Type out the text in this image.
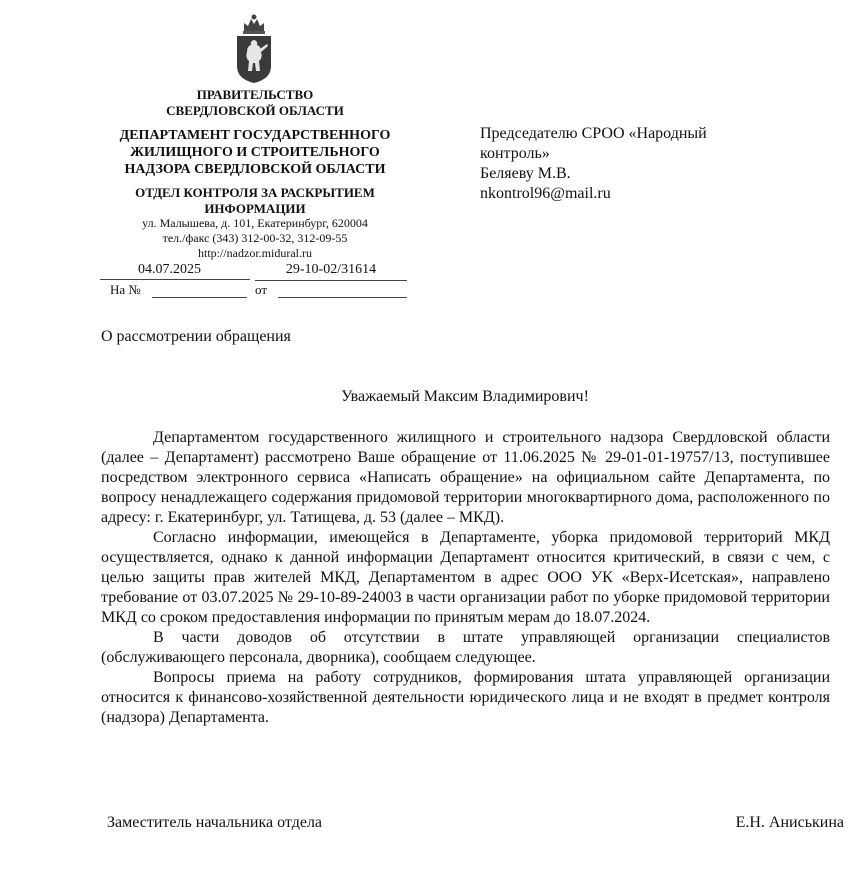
ПРАВИТЕЛЬСТВО
СВЕРДЛОВСКОЙ ОБЛАСТИ
ДЕПАРТАМЕНТ ГОСУДАРСТВЕННОГО
ЖИЛИЩНОГО И СТРОИТЕЛЬНОГО
НАДЗОРА СВЕРДЛОВСКОЙ ОБЛАСТИ
ОТДЕЛ КОНТРОЛЯ ЗА РАСКРЫТИЕМ
ИНФОРМАЦИИ
ул. Малышева, д. 101, Екатеринбург, 620004
тел./факс (343) 312-00-32, 312-09-55
http://nadzor.midural.ru
04.07.2025	29-10-02/31614
На №	от
Председателю СРОО «Народный
контроль»
Беляеву М.В.
nkontrol96@mail.ru
О рассмотрении обращения
Уважаемый Максим Владимирович!

Департаментом государственного жилищного и строительного надзора Свердловской области (далее – Департамент) рассмотрено Ваше обращение от 11.06.2025 № 29-01-01-19757/13, поступившее посредством электронного сервиса «Написать обращение» на официальном сайте Департамента, по вопросу ненадлежащего содержания придомовой территории многоквартирного дома, расположенного по адресу: г. Екатеринбург, ул. Татищева, д. 53 (далее – МКД).

Согласно информации, имеющейся в Департаменте, уборка придомовой территорий МКД осуществляется, однако к данной информации Департамент относится критический, в связи с чем, с целью защиты прав жителей МКД, Департаментом в адрес ООО УК «Верх-Исетская», направлено требование от 03.07.2025 № 29-10-89-24003 в части организации работ по уборке придомовой территории МКД со сроком предоставления информации по принятым мерам до 18.07.2024.

В части доводов об отсутствии в штате управляющей организации специалистов (обслуживающего персонала, дворника), сообщаем следующее.

Вопросы приема на работу сотрудников, формирования штата управляющей организации относится к финансово-хозяйственной деятельности юридического лица и не входят в предмет контроля (надзора) Департамента.

Заместитель начальника отдела	Е.Н. Аниськина
